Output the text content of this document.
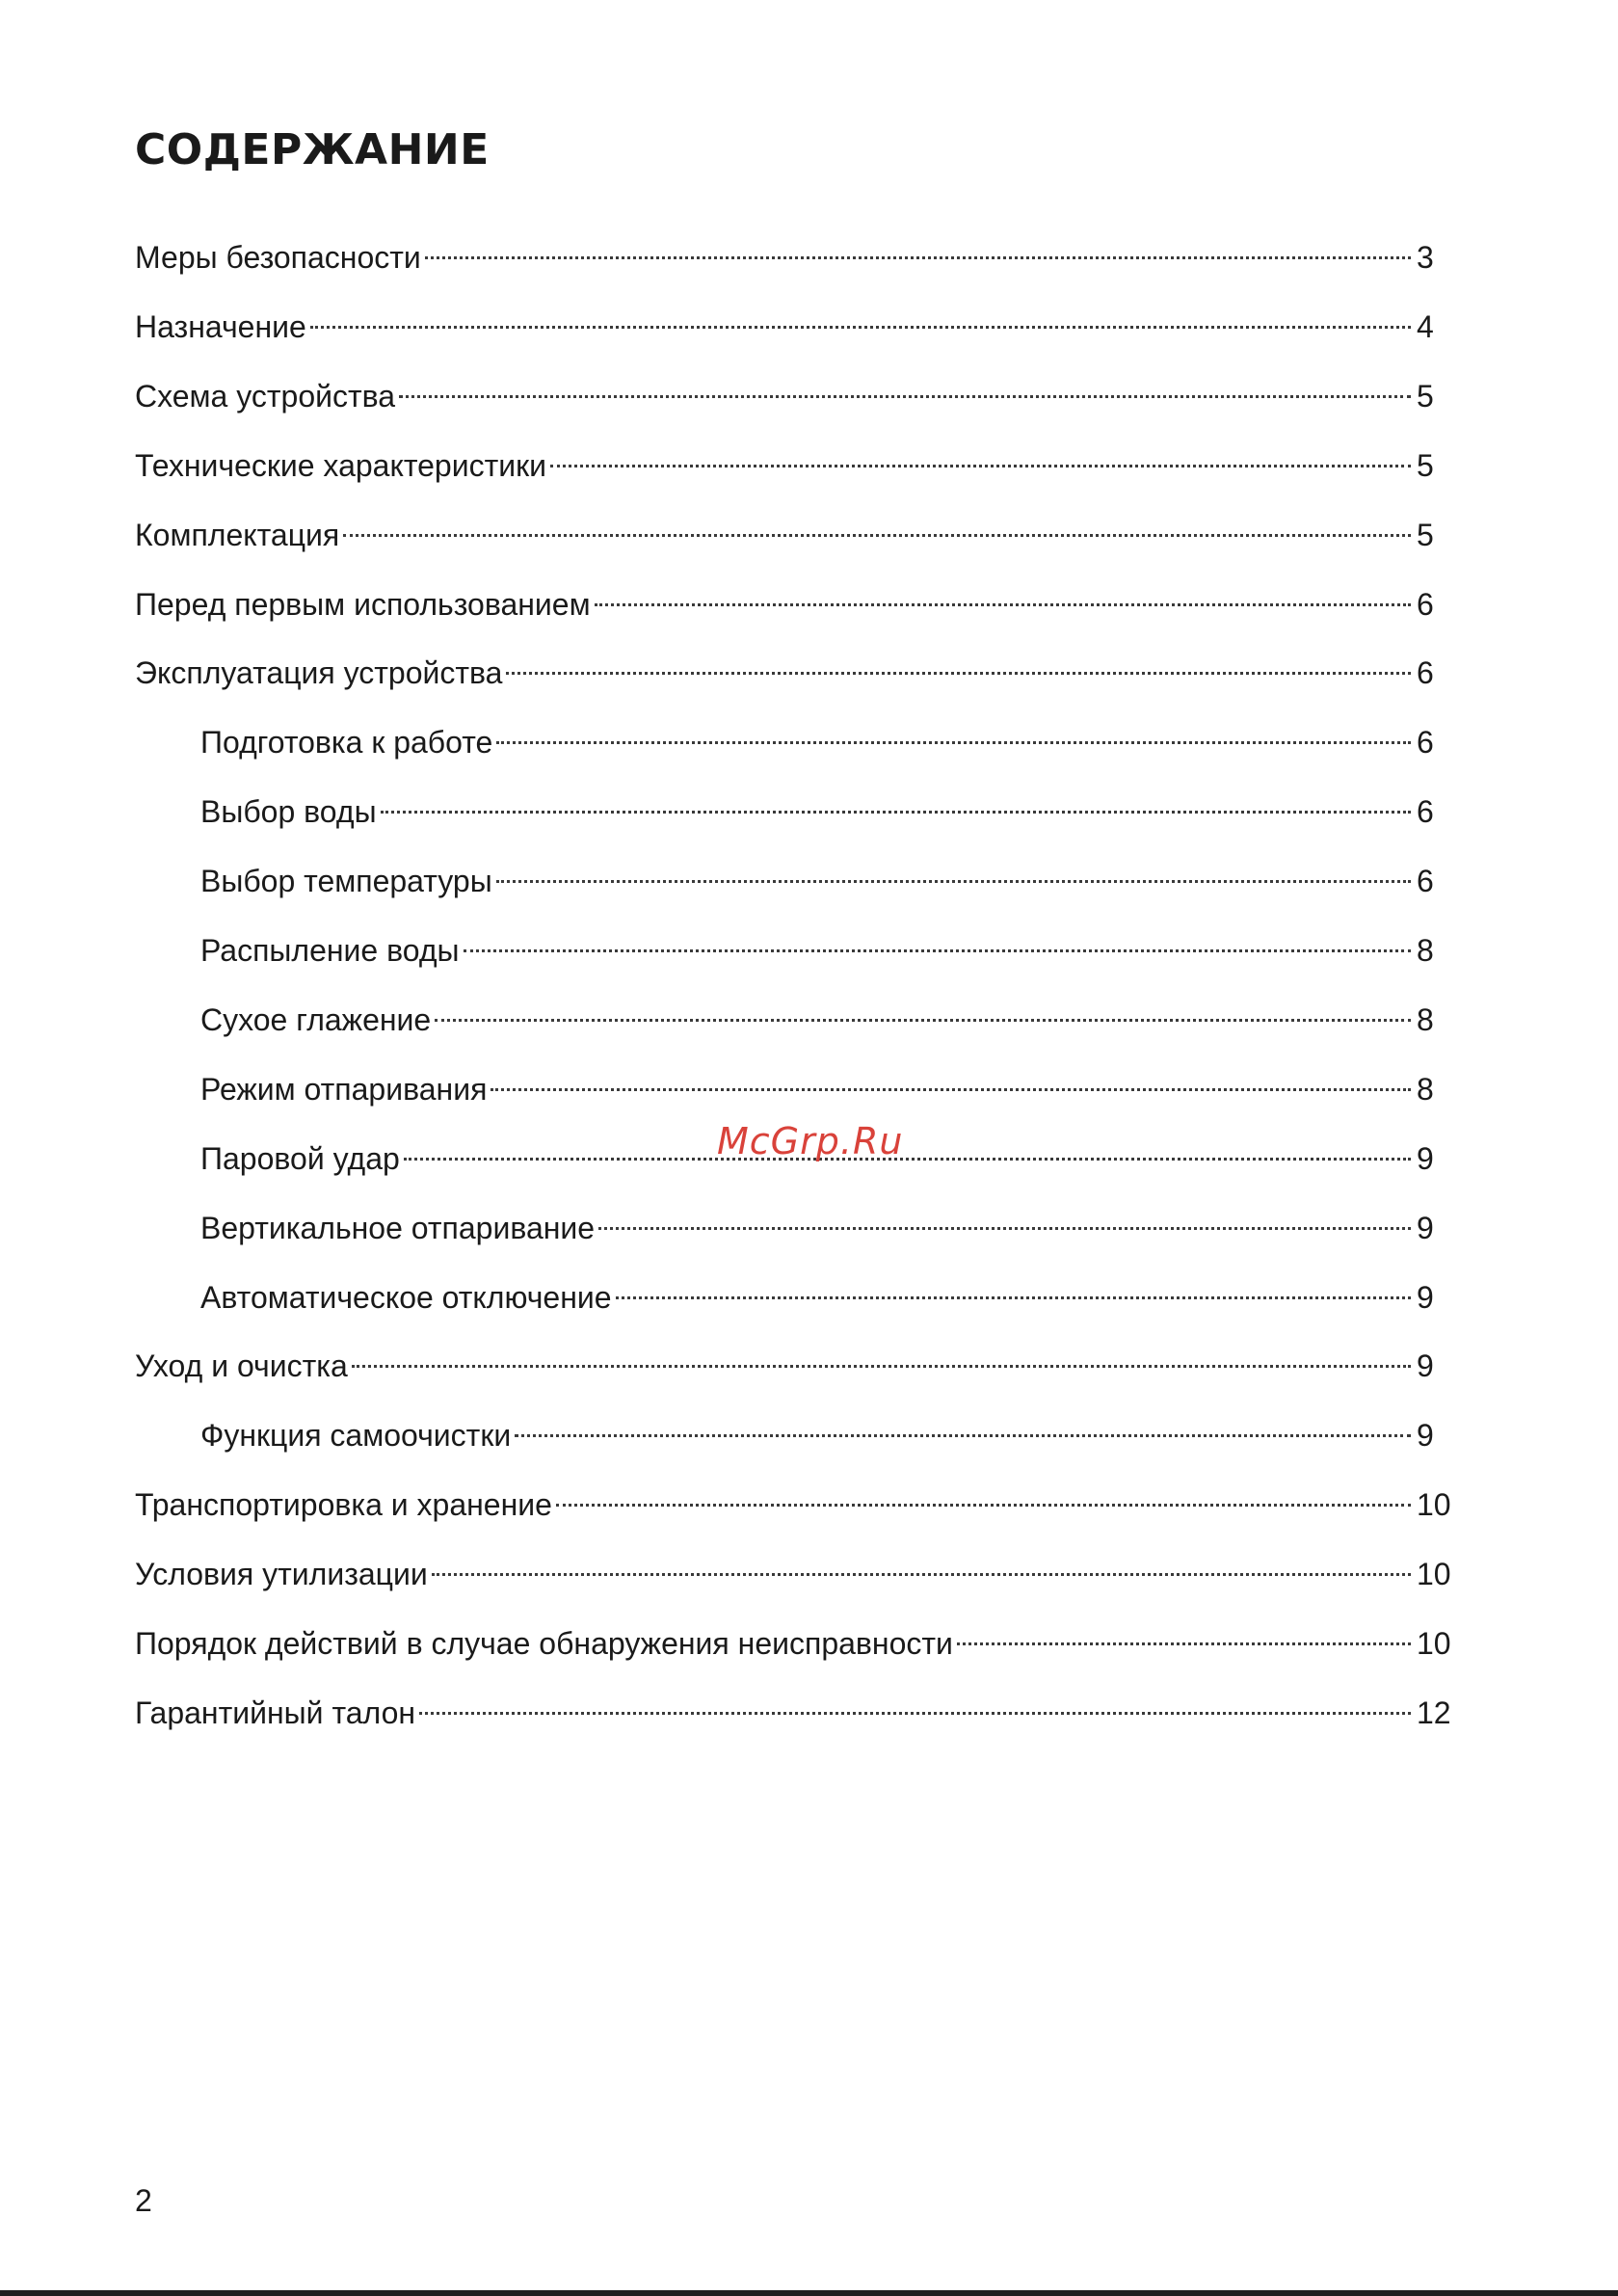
СОДЕРЖАНИЕ
Меры безопасности	3
Назначение	4
Схема устройства	5
Технические характеристики	5
Комплектация	5
Перед первым использованием	6
Эксплуатация устройства	6
Подготовка к работе	6
Выбор воды	6
Выбор температуры	6
Распыление воды	8
Сухое глажение	8
Режим отпаривания	8
Паровой удар	9
Вертикальное отпаривание	9
Автоматическое отключение	9
Уход и очистка	9
Функция самоочистки	9
Транспортировка и хранение	10
Условия утилизации	10
Порядок действий в случае обнаружения неисправности	10
Гарантийный талон	12
McGrp.Ru
2
